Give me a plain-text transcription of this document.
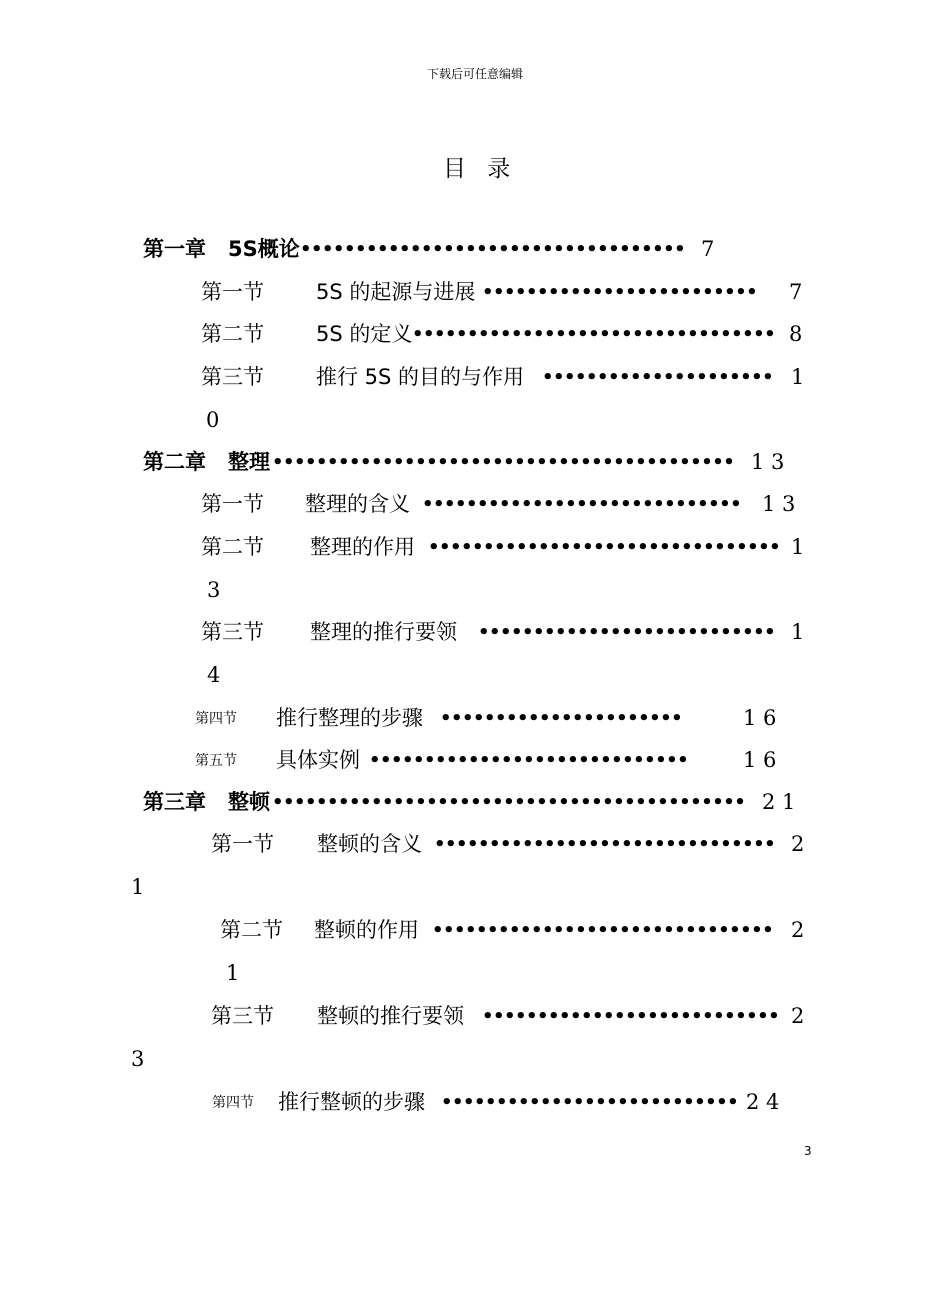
下载后可任意编辑
目 录
第一章 5S概论 ••••••••••••••••••••••••••••••••••• 7
第一节 5S 的起源与进展 ••••••••••••••••••••••••• 7
第二节 5S 的定义 ••••••••••••••••••••••••••••••••• 8
第三节 推行 5S 的目的与作用 ••••••••••••••••••••• 1
0
第二章 整理 •••••••••••••••••••••••••••••••••••••••••• 1 3
第一节 整理的含义 ••••••••••••••••••••••••••••• 1 3
第二节 整理的作用 •••••••••••••••••••••••••••••••• 1
3
第三节 整理的推行要领 ••••••••••••••••••••••••••• 1
4
第四节 推行整理的步骤 ••••••••••••••••••••••	1 6
第五节 具体实例 •••••••••••••••••••••••••••••	1 6
第三章 整顿 ••••••••••••••••••••••••••••••••••••••••••• 2 1
第一节 整顿的含义 ••••••••••••••••••••••••••••••• 2
1
第二节 整顿的作用 ••••••••••••••••••••••••••••••• 2
1
第三节 整顿的推行要领 ••••••••••••••••••••••••••• 2
3
第四节 推行整顿的步骤 ••••••••••••••••••••••••••• 2 4
3
